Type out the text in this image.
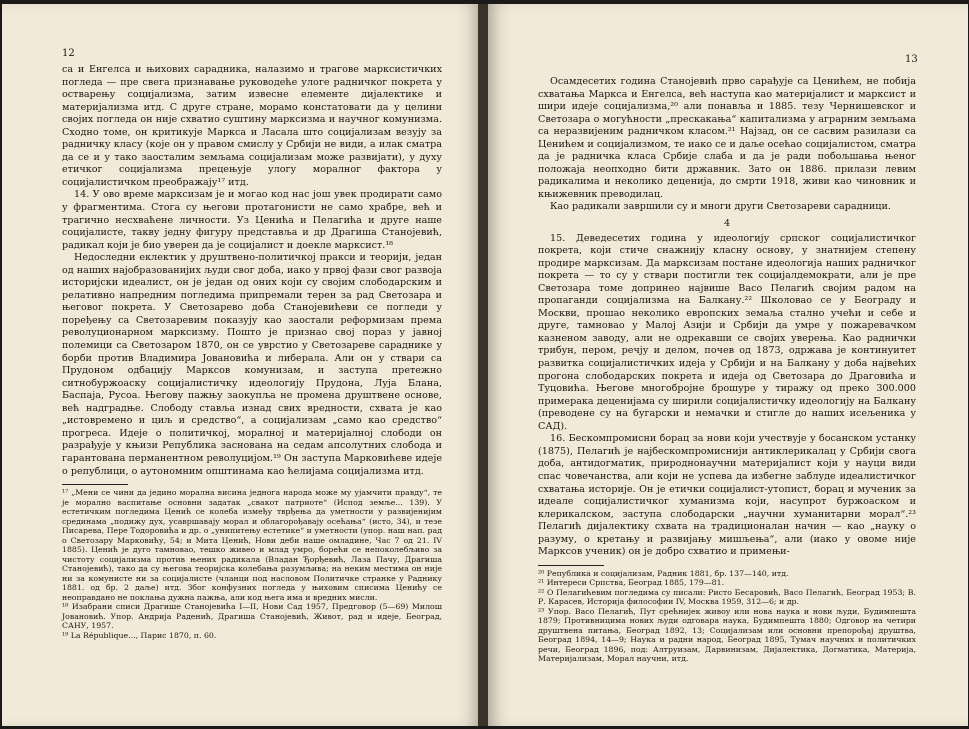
12

са и Енгелса и њихових сарадника, налазимо и трагове марксистичких погледа — пре свега признавање руководеће улоге радничког покрета у остварењу социјализма, затим извесне елементе дијалектике и материјализма итд. С друге стране, морамо констатовати да у целини својих погледа он није схватио суштину марксизма и научног комунизма. Сходно томе, он критикује Маркса и Ласала што социјализам везују за радничку класу (које он у правом смислу у Србији не види, а илак сматра да се и у тако заосталим земљама социјализам може развијати), у духу етичког социјализма прецењује улогу моралног фактора у социјалистичком преображају¹⁷ итд.

14. У ово време марксизам је и могао код нас још увек продирати само у фрагментима. Стога су његови протагонисти не само храбре, већ и трагично несхваћене личности. Уз Ценића и Пелагића и друге наше социјалисте, такву једну фигуру представља и др Драгиша Станојевић, радикал који је био уверен да је социјалист и доекле марксист.¹⁸

Недоследни еклектик у друштвено-политичкој пракси и теорији, један од наших најобразованијих људи свог доба, иако у првој фази свог развоја историјски идеалист, он је један од оних који су својим слободарским и релативно напредним погледима припремали терен за рад Светозара и његовог покрета. У Светозарево доба Станојевићеви се погледи у поређењу са Светозаревим показују као заостали реформизам према револуционарном марксизму. Пошто је признао свој пораз у јавној полемици са Светозаром 1870, он се уврстио у Светозареве сараднике у борби против Владимира Јовановића и либерала. Али он у ствари са Прудоном одбацију Марксов комунизам, и заступа претежно ситнобуржоаску социјалистичку идеологију Прудона, Луја Блана, Баспаја, Русоа. Његову пажњу заокупља не промена друштвене основе, већ надградње. Слободу ставља изнад свих вредности, схвата је као „истовремено и циљ и средство“, а социјализам „само као средство“ прогреса. Идеје о политичкој, моралној и материјалној слободи он разрађује у књизи Република заснована на седам апсолутних слобода и гарантована перманентном револуцијом.¹⁹ Он заступа Марковићеве идеје о републици, о аутономним општинама као ћелијама социјализма итд.

¹⁷ „Мени се чини да једино морална висина једнога народа може му ујамчити правду“, те је морално васпитање основни задатак „свакот патриоте“ (Испод земље... 139). У естетичким погледима Ценић се колеба између тврђења да уметности у развијенијим срединама „подижу дух, усавршавају морал и облагорођавају осећања“ (исто, 34), и тезе Писарева, Пере Тодоровића и др. о „унипитењу естетике“ и уметности (упор. наш нап. рад о Светозару Марковићу, 54; и Мита Ценић, Нови деби наше омладине, Час 7 од 21. IV 1885). Ценић је дуго тамновао, тешко живео и млад умро, борећи се непоколебљиво за чистоту социјализма против њених радикала (Владан Ђорђевић, Лаза Пачу, Драгиша Станојевић), тако да су његова теоријска колебања разумљива; на неким местима он није ни за комунисте ни за социјалисте (чланци под насловом Политичке странке у Раднику 1881. од бр. 2 даље) итд. Због конфузних погледа у њиховим списима Ценићу се неоправдано не поклања дужна пажња, али код њега има и вредних мисли.

¹⁸ Изабрани списи Драгише Станојевића I—II, Нови Сад 1957, Предговор (5—69) Милош Јовановић. Упор. Андрија Раденић, Драгиша Станојевић, Живот, рад и идеје, Београд, САНУ, 1957.

¹⁹ La République..., Парис 1870, п. 60.

13

Осамдесетих година Станојевић прво сарађује са Ценићем, не побија схватања Маркса и Енгелса, већ наступа као материјалист и марксист и шири идеје социјализма,²⁰ али понавља и 1885. тезу Чернишевског и Светозара о могућности „прескакања“ капитализма у аграрним земљама са неразвијеним радничком класом.²¹ Најзад, он се сасвим разилази са Ценићем и социјализмом, те иако се и даље осећао социјалистом, сматра да је радничка класа Србије слаба и да је ради побољшања њеног положаја неопходно бити државник. Зато он 1886. прилази левим радикалима и неколико деценија, до смрти 1918, живи као чиновник и књижевник преводилац.

Као радикали завршили су и многи други Светозареви сарадници.

4

15. Деведесетих година у идеологију српског социјалистичког покрета, који стиче снажнију класну основу, у знатнијем степену продире марксизам. Да марксизам постане идеологија наших радничког покрета — то су у ствари постигли тек социјалдемократи, али је пре Светозара томе допринео највише Васо Пелагић својим радом на пропаганди социјализма на Балкану.²² Школовао се у Београду и Москви, прошао неколико европских земаља стално учећи и себе и друге, тамновао у Малој Азији и Србији да умре у пожаревачком казненом заводу, али не одрекавши се својих уверења. Као раднички трибун, пером, речју и делом, почев од 1873, одржава је континуитет развитка социјалистичких идеја у Србији и на Балкану у доба највећих прогона слободарских покрета и идеја од Светозара до Драговића и Туцовића. Његове многобројне брошуре у тиражу од преко 300.000 примерака децениjама су ширили социјалистичку идеологију на Балкану (преводене су на бугарски и немачки и стигле до наших исељеника у САД).

16. Бескомпромисни борац за нови који учествује у босанском устанку (1875), Пелагић је најбескомпромиснији антиклерикалац у Србији свога доба, антидогматик, природнонаучни материјалист који у науци види спас човечанства, али који не успева да избегне заблуде идеалистичког схватања историје. Он је етички социјалист-утопист, борац и мученик за идеале социјалистичког хуманизма који, насупрот буржоаском и клерикалском, заступа слободарски „научни хуманитарни морал“.²³ Пелагић дијалектику схвата на традиционалан начин — као „науку о разуму, о кретању и развијању мишљења“, али (иако у овоме није Марксов ученик) он је добро схватио и примењи-

²⁰ Република и социјализам, Радник 1881, бр. 137—140, итд.

²¹ Интереси Српства, Београд 1885, 179—81.

²² О Пелагићевим погледима су писали: Ристо Бесаровић, Васо Пелагић, Београд 1953; В. Р. Карасев, Историја философии IV, Москва 1959, 312—6; и др.

²³ Упор. Васо Пелагић, Пут срећнијек живоу или нова наука и нови људи, Будимпешта 1879; Противницима нових људи одговара наука, Будимпешта 1880; Одговор на четири друштвена питања, Београд 1892, 13; Социјализам или основни препорођај друштва, Београд 1894, 14—9; Наука и радни народ, Београд 1895, Тумач научних и политичких речи, Београд 1896, под: Алтруизам, Дарвинизам, Дијалектика, Догматика, Материја, Материјализам, Морал научни, итд.
